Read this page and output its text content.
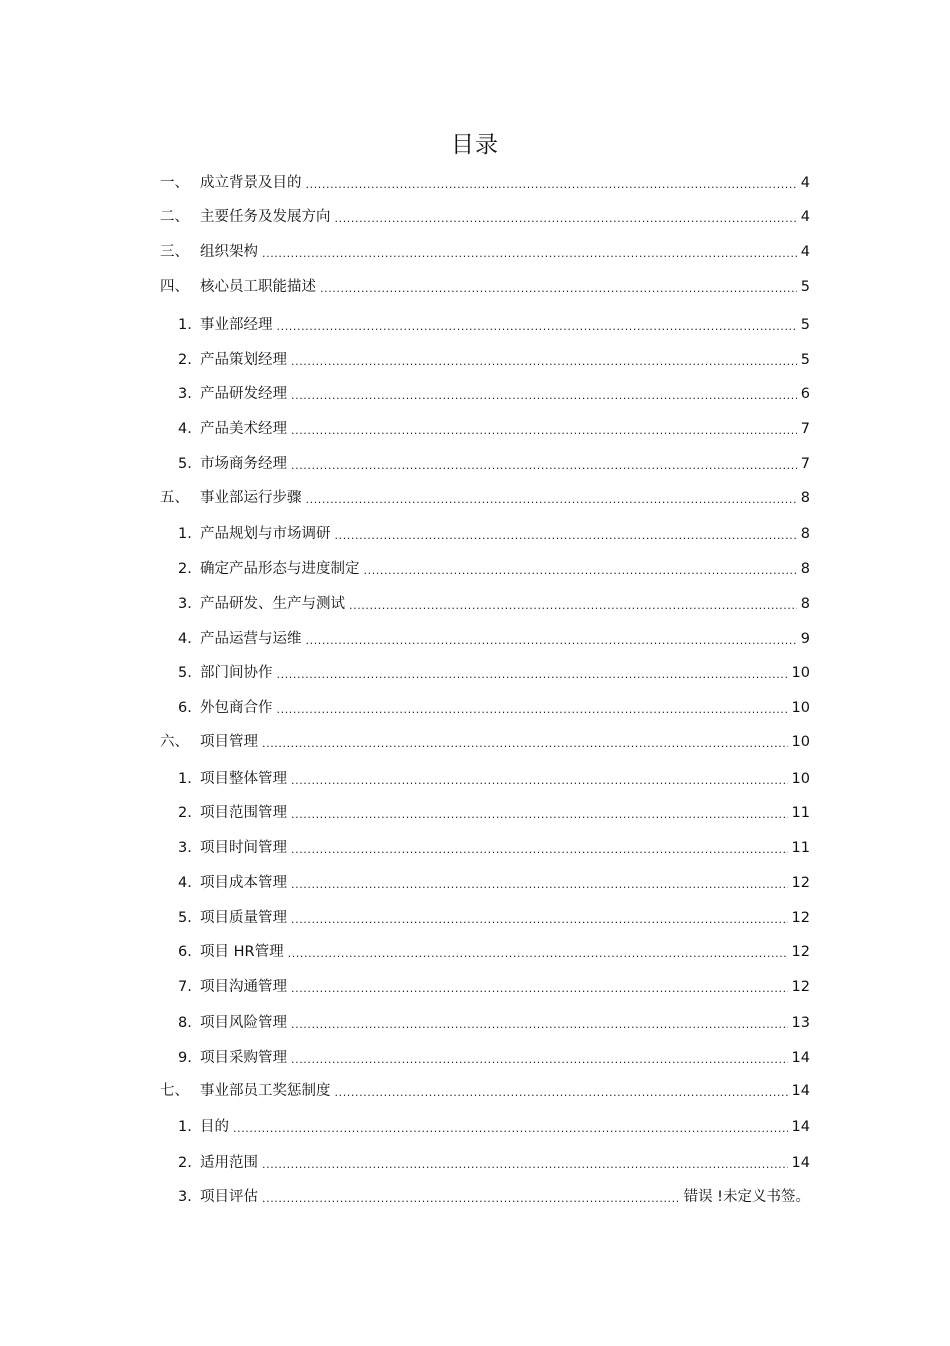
目录
一、 成立背景及目的 .....	4
二、 主要任务及发展方向 .....	4
三、 组织架构 .....	4
四、 核心员工职能描述 .....	5
1. 事业部经理 .....	5
2. 产品策划经理 .....	5
3. 产品研发经理 .....	6
4. 产品美术经理 .....	7
5. 市场商务经理 .....	7
五、 事业部运行步骤 .....	8
1. 产品规划与市场调研 .....	8
2. 确定产品形态与进度制定 .....	8
3. 产品研发、生产与测试 .....	8
4. 产品运营与运维 .....	9
5. 部门间协作 .....	10
6. 外包商合作 .....	10
六、 项目管理 .....	10
1. 项目整体管理 .....	10
2. 项目范围管理 .....	11
3. 项目时间管理 .....	11
4. 项目成本管理 .....	12
5. 项目质量管理 .....	12
6. 项目 HR管理 .....	12
7. 项目沟通管理 .....	12
8. 项目风险管理 .....	13
9. 项目采购管理 .....	14
七、 事业部员工奖惩制度 .....	14
1. 目的 .....	14
2. 适用范围 .....	14
3. 项目评估 .....	错误 !未定义书签。
